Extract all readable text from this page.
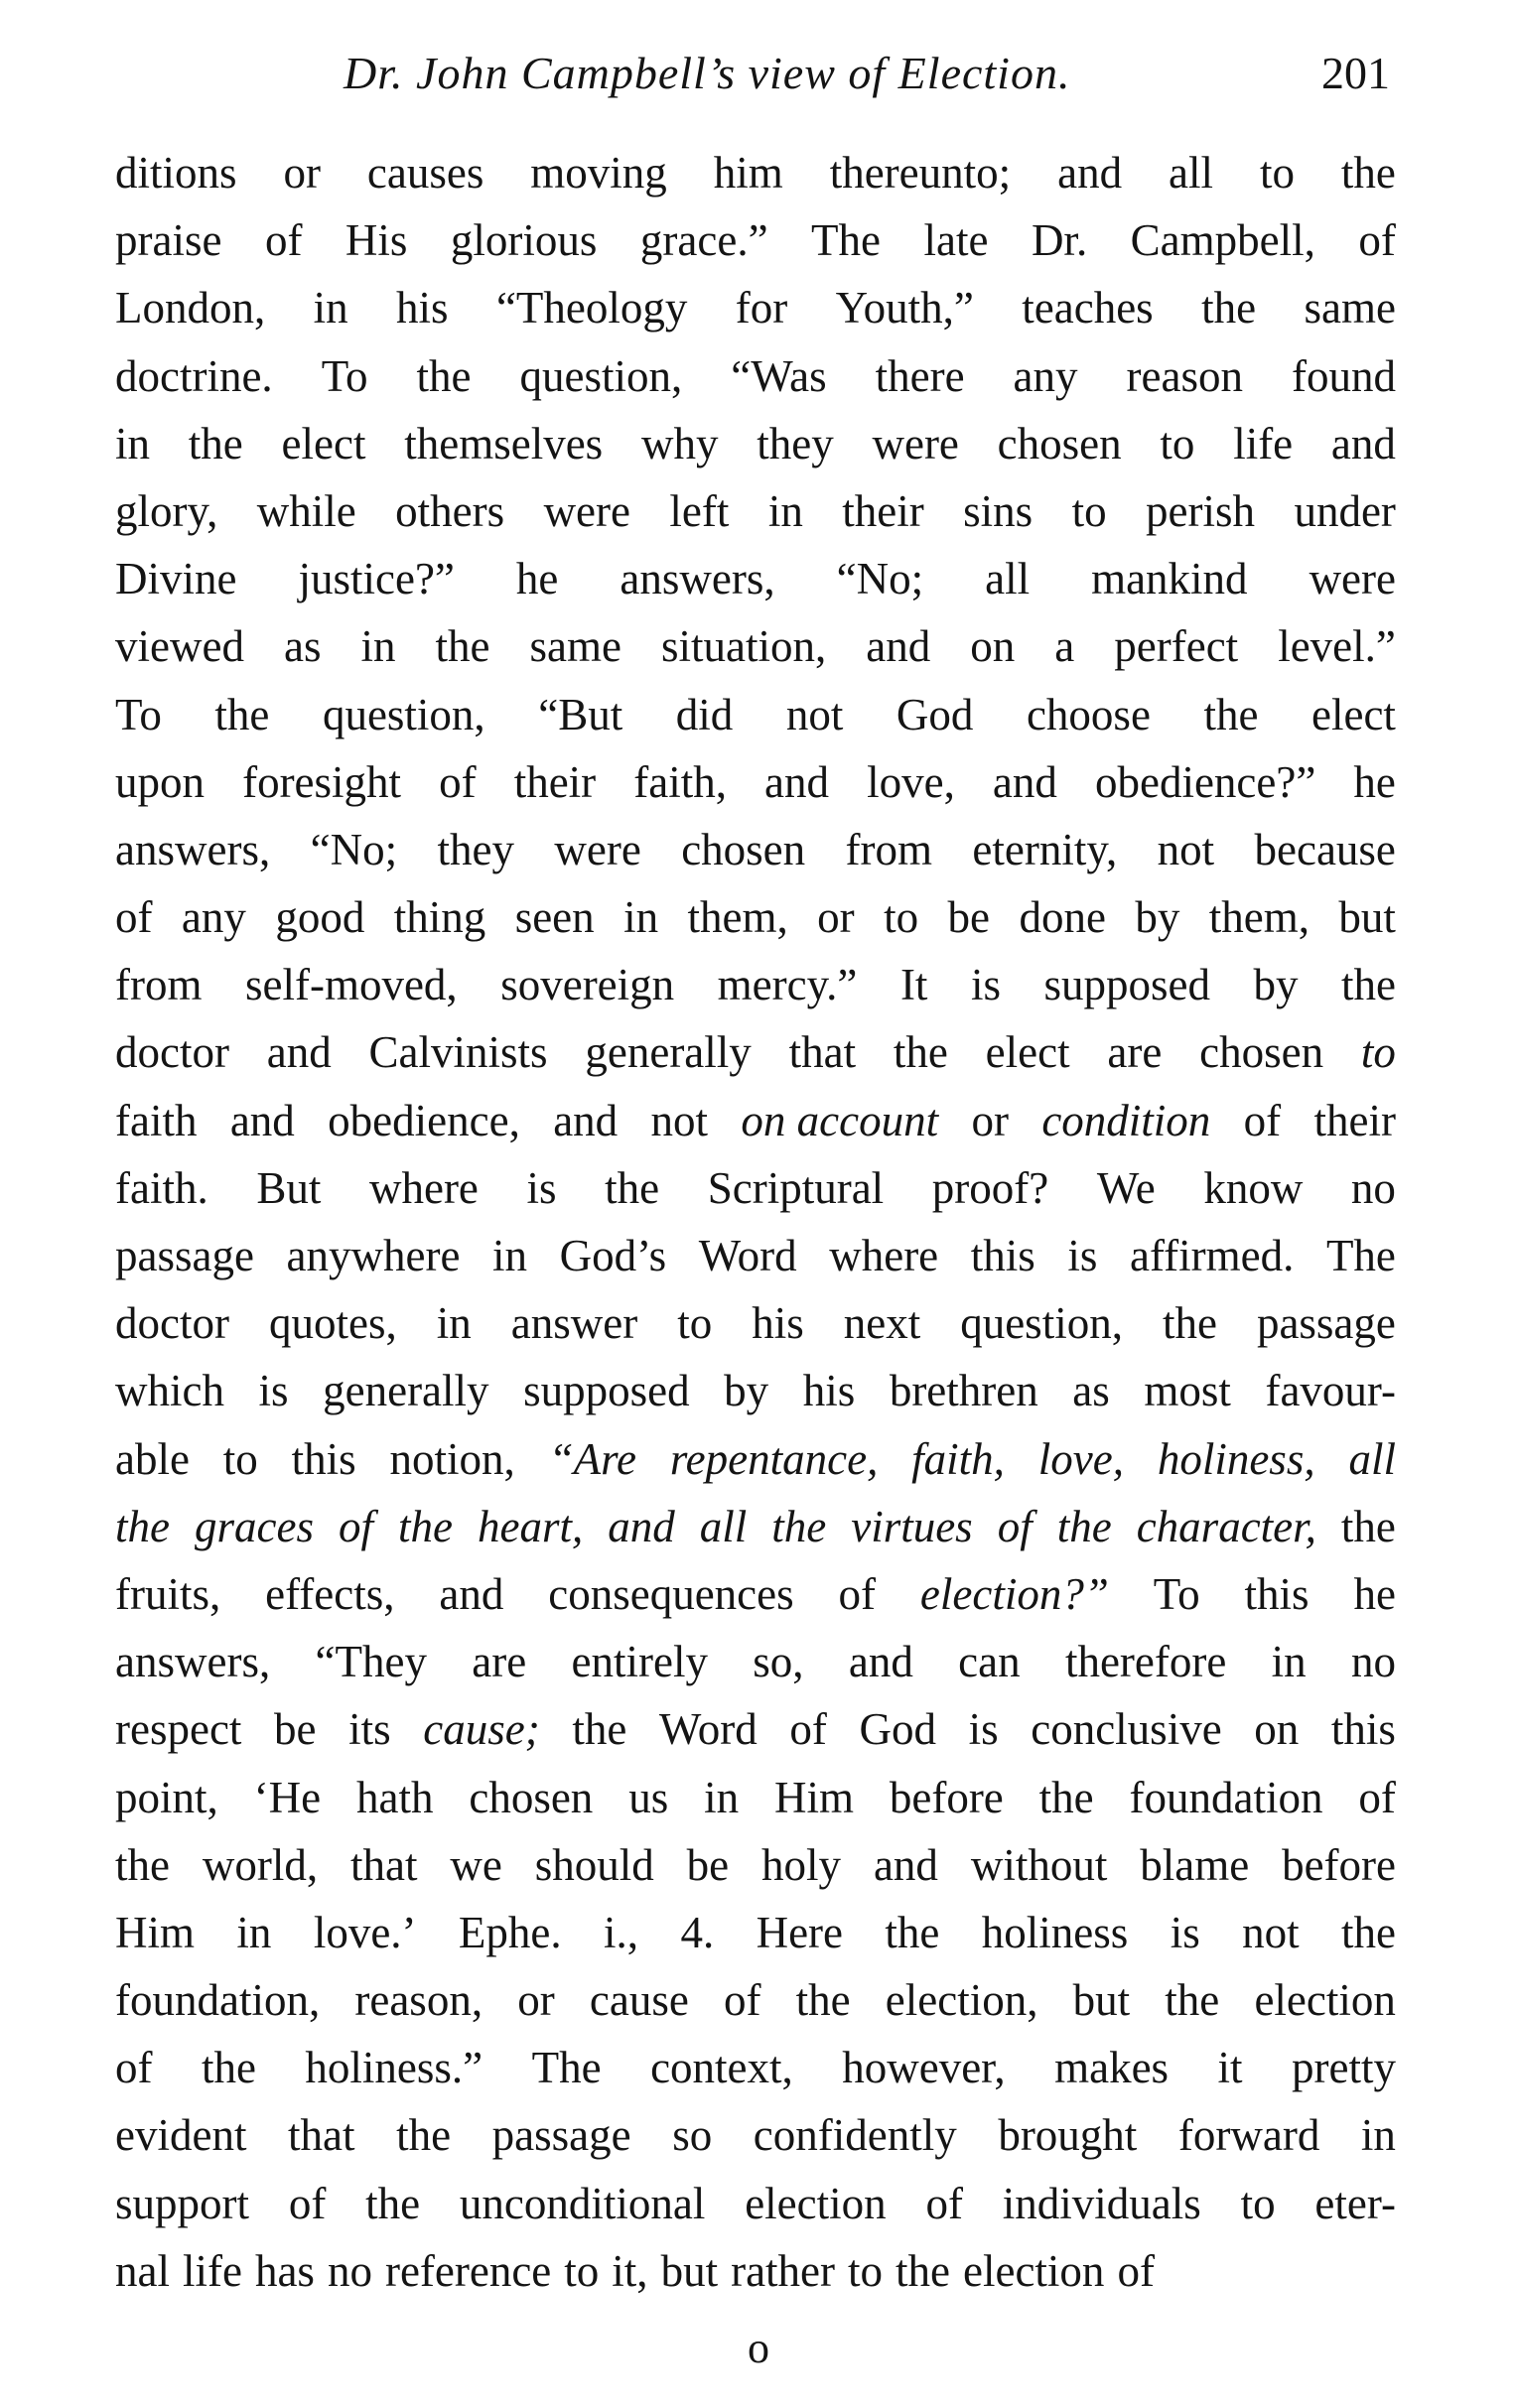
Dr. John Campbell’s view of Election.	201
ditions or causes moving him thereunto; and all to the
praise of His glorious grace.” The late Dr. Campbell, of
London, in his “Theology for Youth,” teaches the same
doctrine. To the question, “Was there any reason found
in the elect themselves why they were chosen to life and
glory, while others were left in their sins to perish under
Divine justice?” he answers, “No; all mankind were
viewed as in the same situation, and on a perfect level.”
To the question, “But did not God choose the elect
upon foresight of their faith, and love, and obedience?” he
answers, “No; they were chosen from eternity, not because
of any good thing seen in them, or to be done by them, but
from self-moved, sovereign mercy.” It is supposed by the
doctor and Calvinists generally that the elect are chosen to
faith and obedience, and not on account or condition of their
faith. But where is the Scriptural proof? We know no
passage anywhere in God’s Word where this is affirmed. The
doctor quotes, in answer to his next question, the passage
which is generally supposed by his brethren as most favour-
able to this notion, “Are repentance, faith, love, holiness, all
the graces of the heart, and all the virtues of the character, the
fruits, effects, and consequences of election?” To this he
answers, “They are entirely so, and can therefore in no
respect be its cause; the Word of God is conclusive on this
point, ‘He hath chosen us in Him before the foundation of
the world, that we should be holy and without blame before
Him in love.’ Ephe. i., 4. Here the holiness is not the
foundation, reason, or cause of the election, but the election
of the holiness.” The context, however, makes it pretty
evident that the passage so confidently brought forward in
support of the unconditional election of individuals to eter-
nal life has no reference to it, but rather to the election of
o
